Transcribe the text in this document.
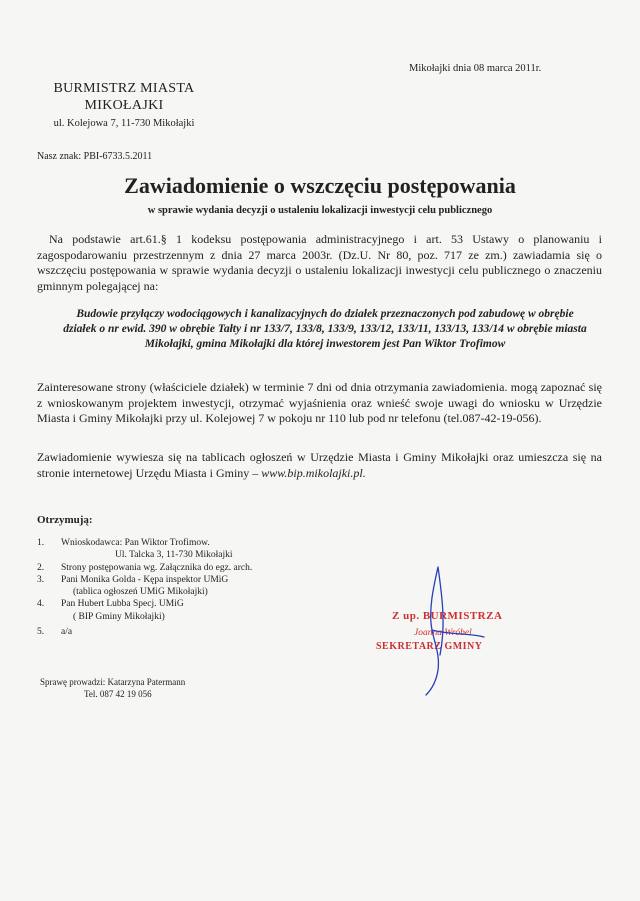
Mikołajki dnia 08 marca 2011r.
BURMISTRZ MIASTA
MIKOŁAJKI
ul. Kolejowa 7, 11-730 Mikołajki
Nasz znak: PBI-6733.5.2011
Zawiadomienie o wszczęciu postępowania
w sprawie wydania decyzji o ustaleniu lokalizacji inwestycji celu publicznego
Na podstawie art.61.§ 1 kodeksu postępowania administracyjnego i art. 53 Ustawy o planowaniu i zagospodarowaniu przestrzennym z dnia 27 marca 2003r. (Dz.U. Nr 80, poz. 717 ze zm.) zawiadamia się o wszczęciu postępowania w sprawie wydania decyzji o ustaleniu lokalizacji inwestycji celu publicznego o znaczeniu gminnym polegającej na:
Budowie przyłączy wodociągowych i kanalizacyjnych do działek przeznaczonych pod zabudowę w obrębie działek o nr ewid. 390 w obrębie Tałty i nr 133/7, 133/8, 133/9, 133/12, 133/11, 133/13, 133/14 w obrębie miasta Mikołajki, gmina Mikołajki dla której inwestorem jest Pan Wiktor Trofimow
Zainteresowane strony (właściciele działek) w terminie 7 dni od dnia otrzymania zawiadomienia. mogą zapoznać się z wnioskowanym projektem inwestycji, otrzymać wyjaśnienia oraz wnieść swoje uwagi do wniosku w Urzędzie Miasta i Gminy Mikołajki przy ul. Kolejowej 7 w pokoju nr 110 lub pod nr telefonu (tel.087-42-19-056).
Zawiadomienie wywiesza się na tablicach ogłoszeń w Urzędzie Miasta i Gminy Mikołajki oraz umieszcza się na stronie internetowej Urzędu Miasta i Gminy – www.bip.mikolajki.pl.
Otrzymują:
1. Wnioskodawca: Pan Wiktor Trofimow.
Ul. Talcka 3, 11-730 Mikołajki
2. Strony postępowania wg. Załącznika do egz. arch.
3. Pani Monika Golda - Kępa inspektor UMiG
(tablica ogłoszeń UMiG Mikołajki)
4. Pan Hubert Lubba Specj. UMiG
( BIP Gminy Mikołajki)
5. a/a
Sprawę prowadzi: Katarzyna Patermann
Tel. 087 42 19 056
Z up. BURMISTRZA
Joanna Wróbel
SEKRETARZ GMINY
